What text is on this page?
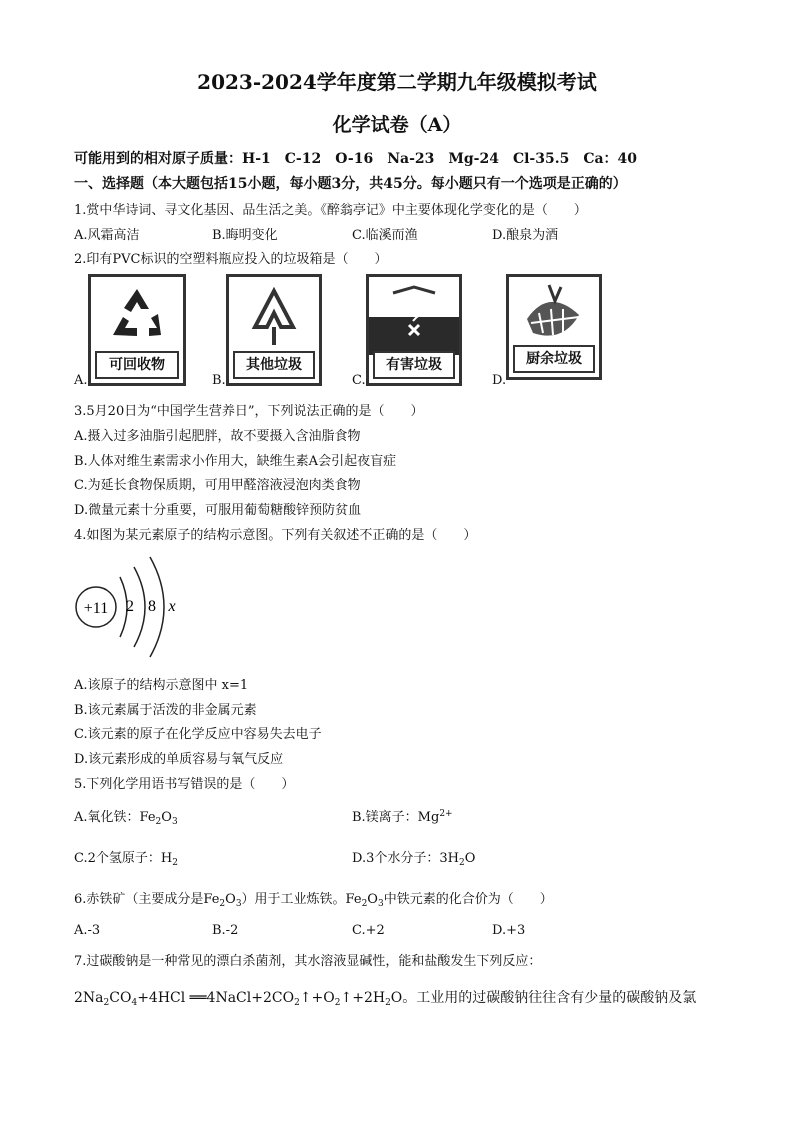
2023-2024学年度第二学期九年级模拟考试
化学试卷（A）
可能用到的相对原子质量：H-1　C-12　O-16　Na-23　Mg-24　Cl-35.5　Ca：40
一、选择题（本大题包括15小题，每小题3分，共45分。每小题只有一个选项是正确的）
1.赏中华诗词、寻文化基因、品生活之美。《醉翁亭记》中主要体现化学变化的是（　　）
A.风霜高洁	B.晦明变化	C.临溪而渔	D.酿泉为酒
2.印有PVC标识的空塑料瓶应投入的垃圾箱是（　　）
A.
可回收物
B.
其他垃圾
C.
有害垃圾
D.
厨余垃圾
3.5月20日为“中国学生营养日”，下列说法正确的是（　　）
A.摄入过多油脂引起肥胖，故不要摄入含油脂食物
B.人体对维生素需求小作用大，缺维生素A会引起夜盲症
C.为延长食物保质期，可用甲醛溶液浸泡肉类食物
D.微量元素十分重要，可服用葡萄糖酸锌预防贫血
4.如图为某元素原子的结构示意图。下列有关叙述不正确的是（　　）
+11 2 8 x
A.该原子的结构示意图中 x=1
B.该元素属于活泼的非金属元素
C.该元素的原子在化学反应中容易失去电子
D.该元素形成的单质容易与氧气反应
5.下列化学用语书写错误的是（　　）
A.氧化铁：$Fe_2O_3$	B.镁离子：$Mg^{2+}$
C.2个氢原子：$H_2$	D.3个水分子：$3H_2O$
6.赤铁矿（主要成分是$Fe_2O_3$）用于工业炼铁。$Fe_2O_3$中铁元素的化合价为（　　）
A.-3	B.-2	C.+2	D.+3
7.过碳酸钠是一种常见的漂白杀菌剂，其水溶液显碱性，能和盐酸发生下列反应：
$2Na_2CO_4+4HCl$ $══4NaCl+2CO_2↑+O_2↑+2H_2O$。工业用的过碳酸钠往往含有少量的碳酸钠及氯
